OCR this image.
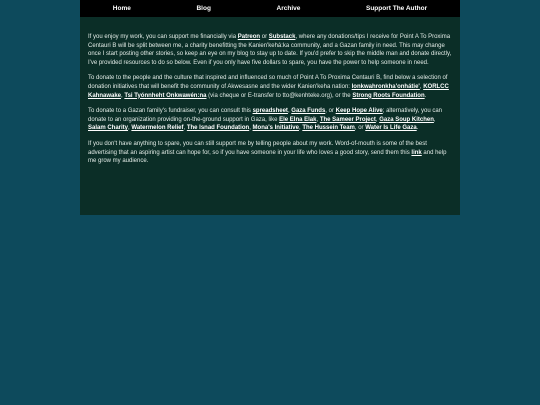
Home	Blog	Archive	Support The Author

If you enjoy my work, you can support me financially via Patreon or Substack, where any donations/tips I receive for Point A To Proxima Centauri B will be split between me, a charity benefitting the Kanien'kehá:ka community, and a Gazan family in need. This may change once I start posting other stories, so keep an eye on my blog to stay up to date. If you'd prefer to skip the middle man and donate directly, I've provided resources to do so below. Even if you only have five dollars to spare, you have the power to help someone in need.

To donate to the people and the culture that inspired and influenced so much of Point A To Proxima Centauri B, find below a selection of donation initiatives that will benefit the community of Akwesasne and the wider Kanien'keha nation: Ionkwahronkha'onhátie', KORLCC Kahnawake, Tsi Tyónnheht Onkwawén:na (via cheque or E-transfer to tto@kenhteke.org), or the Strong Roots Foundation.

To donate to a Gazan family's fundraiser, you can consult this spreadsheet, Gaza Funds, or Keep Hope Alive; alternatively, you can donate to an organization providing on-the-ground support in Gaza, like Ele Elna Elak, The Sameer Project, Gaza Soup Kitchen, Salam Charity, Watermelon Relief, The Isnad Foundation, Mona's Initiative, The Hussein Team, or Water Is Life Gaza.

If you don't have anything to spare, you can still support me by telling people about my work. Word-of-mouth is some of the best advertising that an aspiring artist can hope for, so if you have someone in your life who loves a good story, send them this link and help me grow my audience.
